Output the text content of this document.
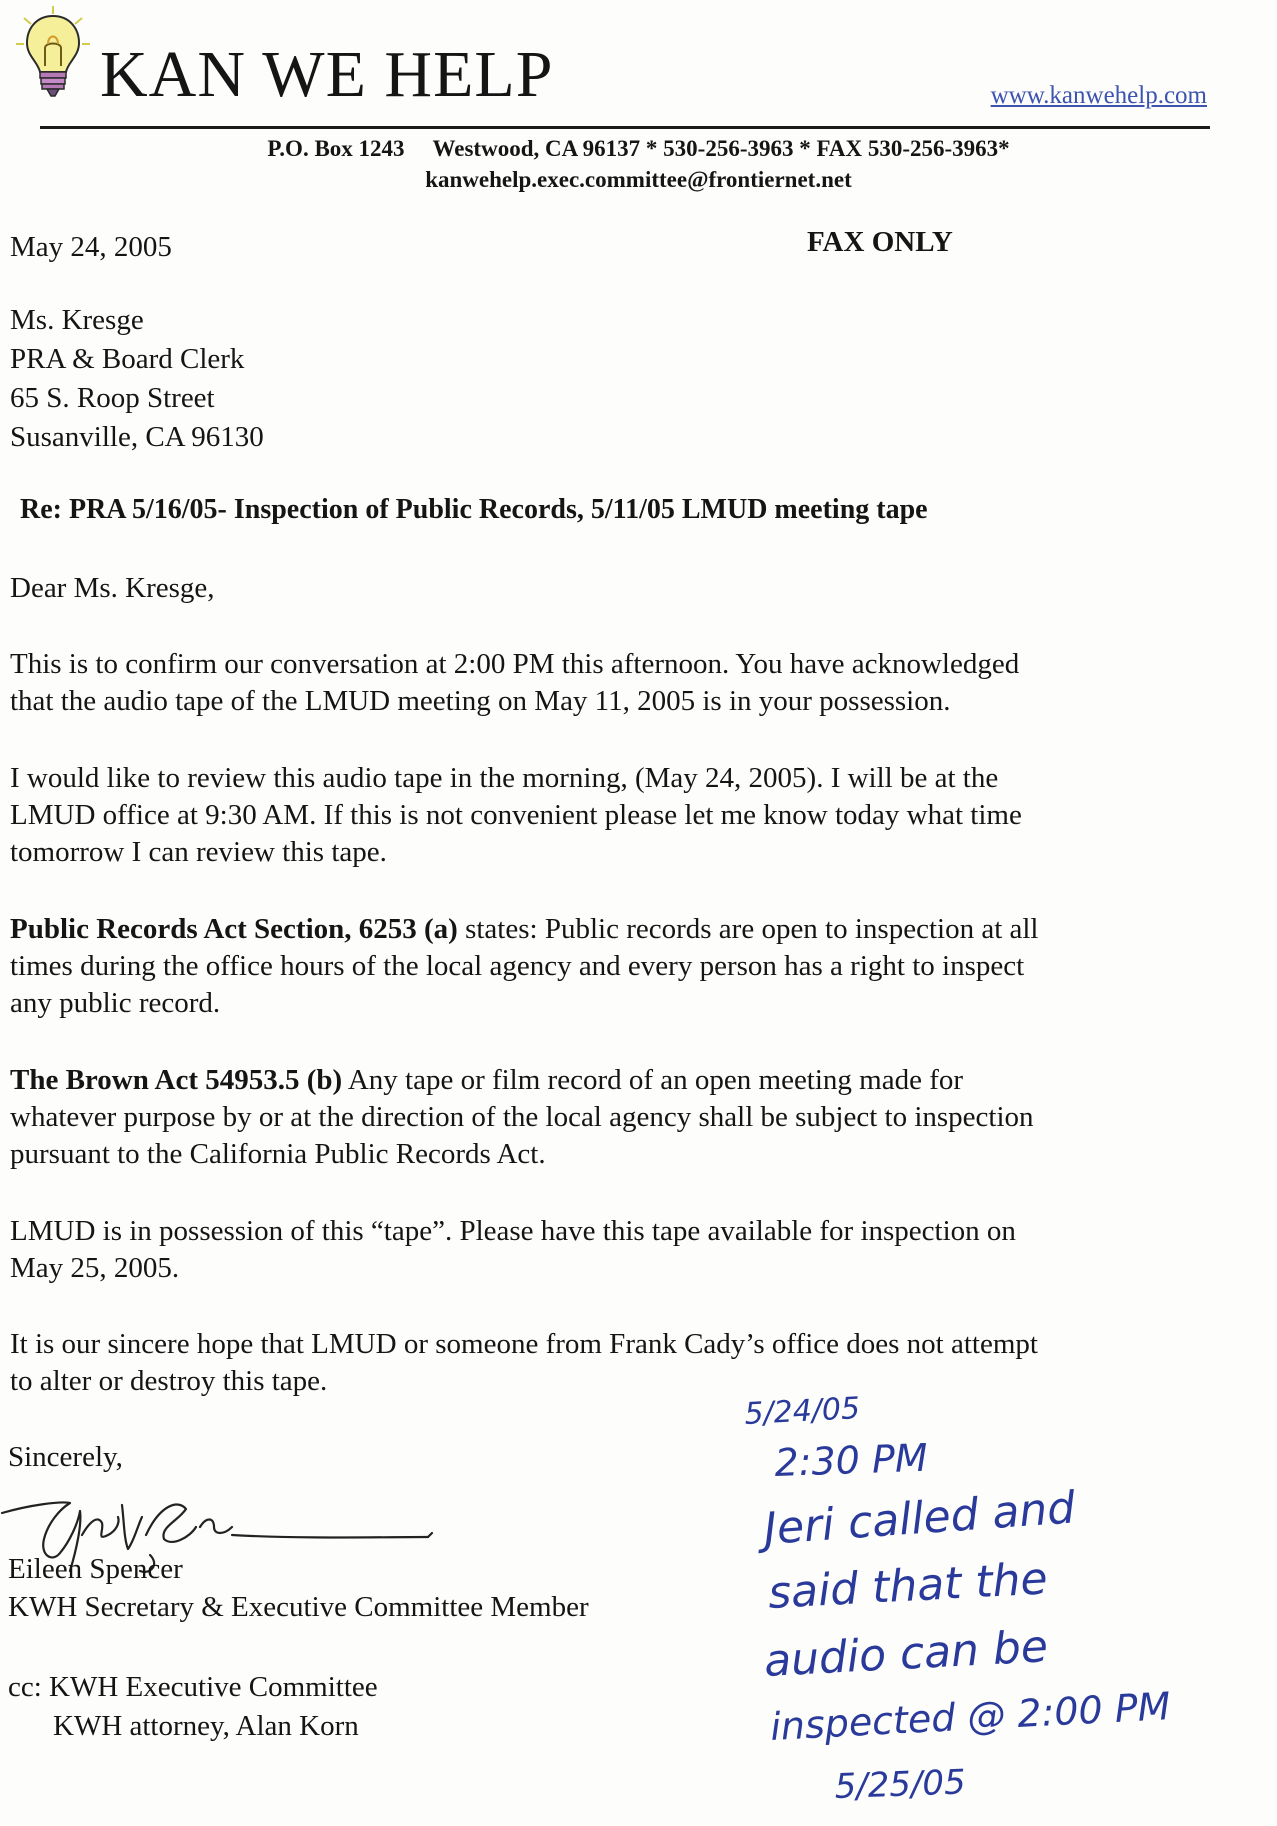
KAN WE HELP	www.kanwehelp.com
P.O. Box 1243 Westwood, CA 96137 * 530-256-3963 * FAX 530-256-3963*
kanwehelp.exec.committee@frontiernet.net
May 24, 2005	FAX ONLY
Ms. Kresge
PRA & Board Clerk
65 S. Roop Street
Susanville, CA 96130
Re: PRA 5/16/05- Inspection of Public Records, 5/11/05 LMUD meeting tape
Dear Ms. Kresge,
This is to confirm our conversation at 2:00 PM this afternoon. You have acknowledged
that the audio tape of the LMUD meeting on May 11, 2005 is in your possession.
I would like to review this audio tape in the morning, (May 24, 2005). I will be at the
LMUD office at 9:30 AM. If this is not convenient please let me know today what time
tomorrow I can review this tape.
Public Records Act Section, 6253 (a) states: Public records are open to inspection at all
times during the office hours of the local agency and every person has a right to inspect
any public record.
The Brown Act 54953.5 (b) Any tape or film record of an open meeting made for
whatever purpose by or at the direction of the local agency shall be subject to inspection
pursuant to the California Public Records Act.
LMUD is in possession of this “tape”. Please have this tape available for inspection on
May 25, 2005.
It is our sincere hope that LMUD or someone from Frank Cady’s office does not attempt
to alter or destroy this tape.
Sincerely,
Eileen Spencer
KWH Secretary & Executive Committee Member
cc: KWH Executive Committee
KWH attorney, Alan Korn
5/24/05
2:30 PM
Jeri called and
said that the
audio can be
inspected @ 2:00 PM
5/25/05
